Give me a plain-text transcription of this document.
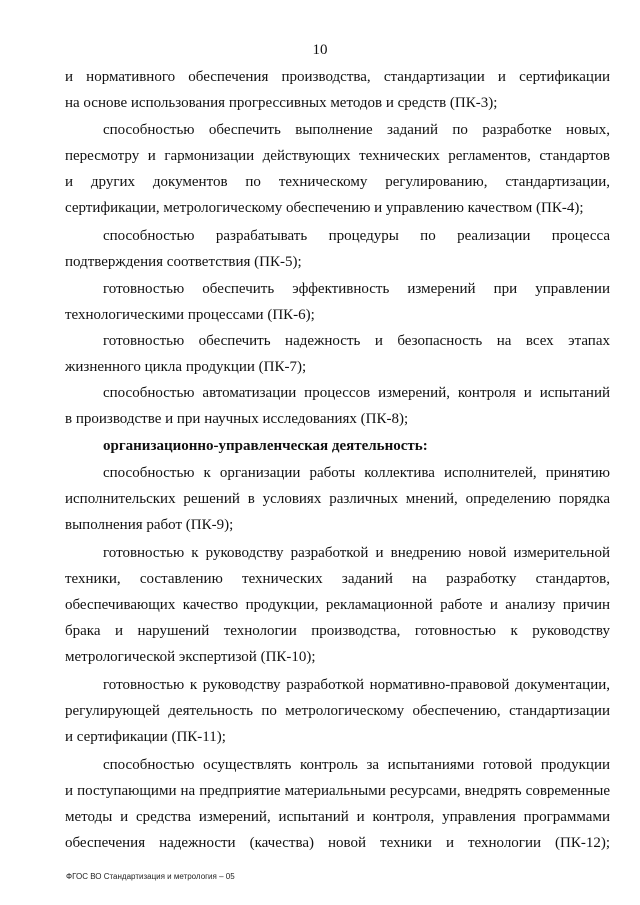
10
и нормативного обеспечения производства, стандартизации и сертификации
на основе использования прогрессивных методов и средств (ПК-3);
способностью обеспечить выполнение заданий по разработке новых,
пересмотру и гармонизации действующих технических регламентов, стандартов
и других документов по техническому регулированию, стандартизации,
сертификации, метрологическому обеспечению и управлению качеством (ПК-4);
способностью разрабатывать процедуры по реализации процесса
подтверждения соответствия (ПК-5);
готовностью обеспечить эффективность измерений при управлении
технологическими процессами (ПК-6);
готовностью обеспечить надежность и безопасность на всех этапах
жизненного цикла продукции (ПК-7);
способностью автоматизации процессов измерений, контроля и испытаний
в производстве и при научных исследованиях (ПК-8);
организационно-управленческая деятельность:
способностью к организации работы коллектива исполнителей, принятию
исполнительских решений в условиях различных мнений, определению порядка
выполнения работ (ПК-9);
готовностью к руководству разработкой и внедрению новой измерительной
техники, составлению технических заданий на разработку стандартов,
обеспечивающих качество продукции, рекламационной работе и анализу причин
брака и нарушений технологии производства, готовностью к руководству
метрологической экспертизой (ПК-10);
готовностью к руководству разработкой нормативно-правовой документации,
регулирующей деятельность по метрологическому обеспечению, стандартизации
и сертификации (ПК-11);
способностью осуществлять контроль за испытаниями готовой продукции
и поступающими на предприятие материальными ресурсами, внедрять современные
методы и средства измерений, испытаний и контроля, управления программами
обеспечения надежности (качества) новой техники и технологии (ПК-12);
ФГОС ВО Стандартизация и метрология – 05
